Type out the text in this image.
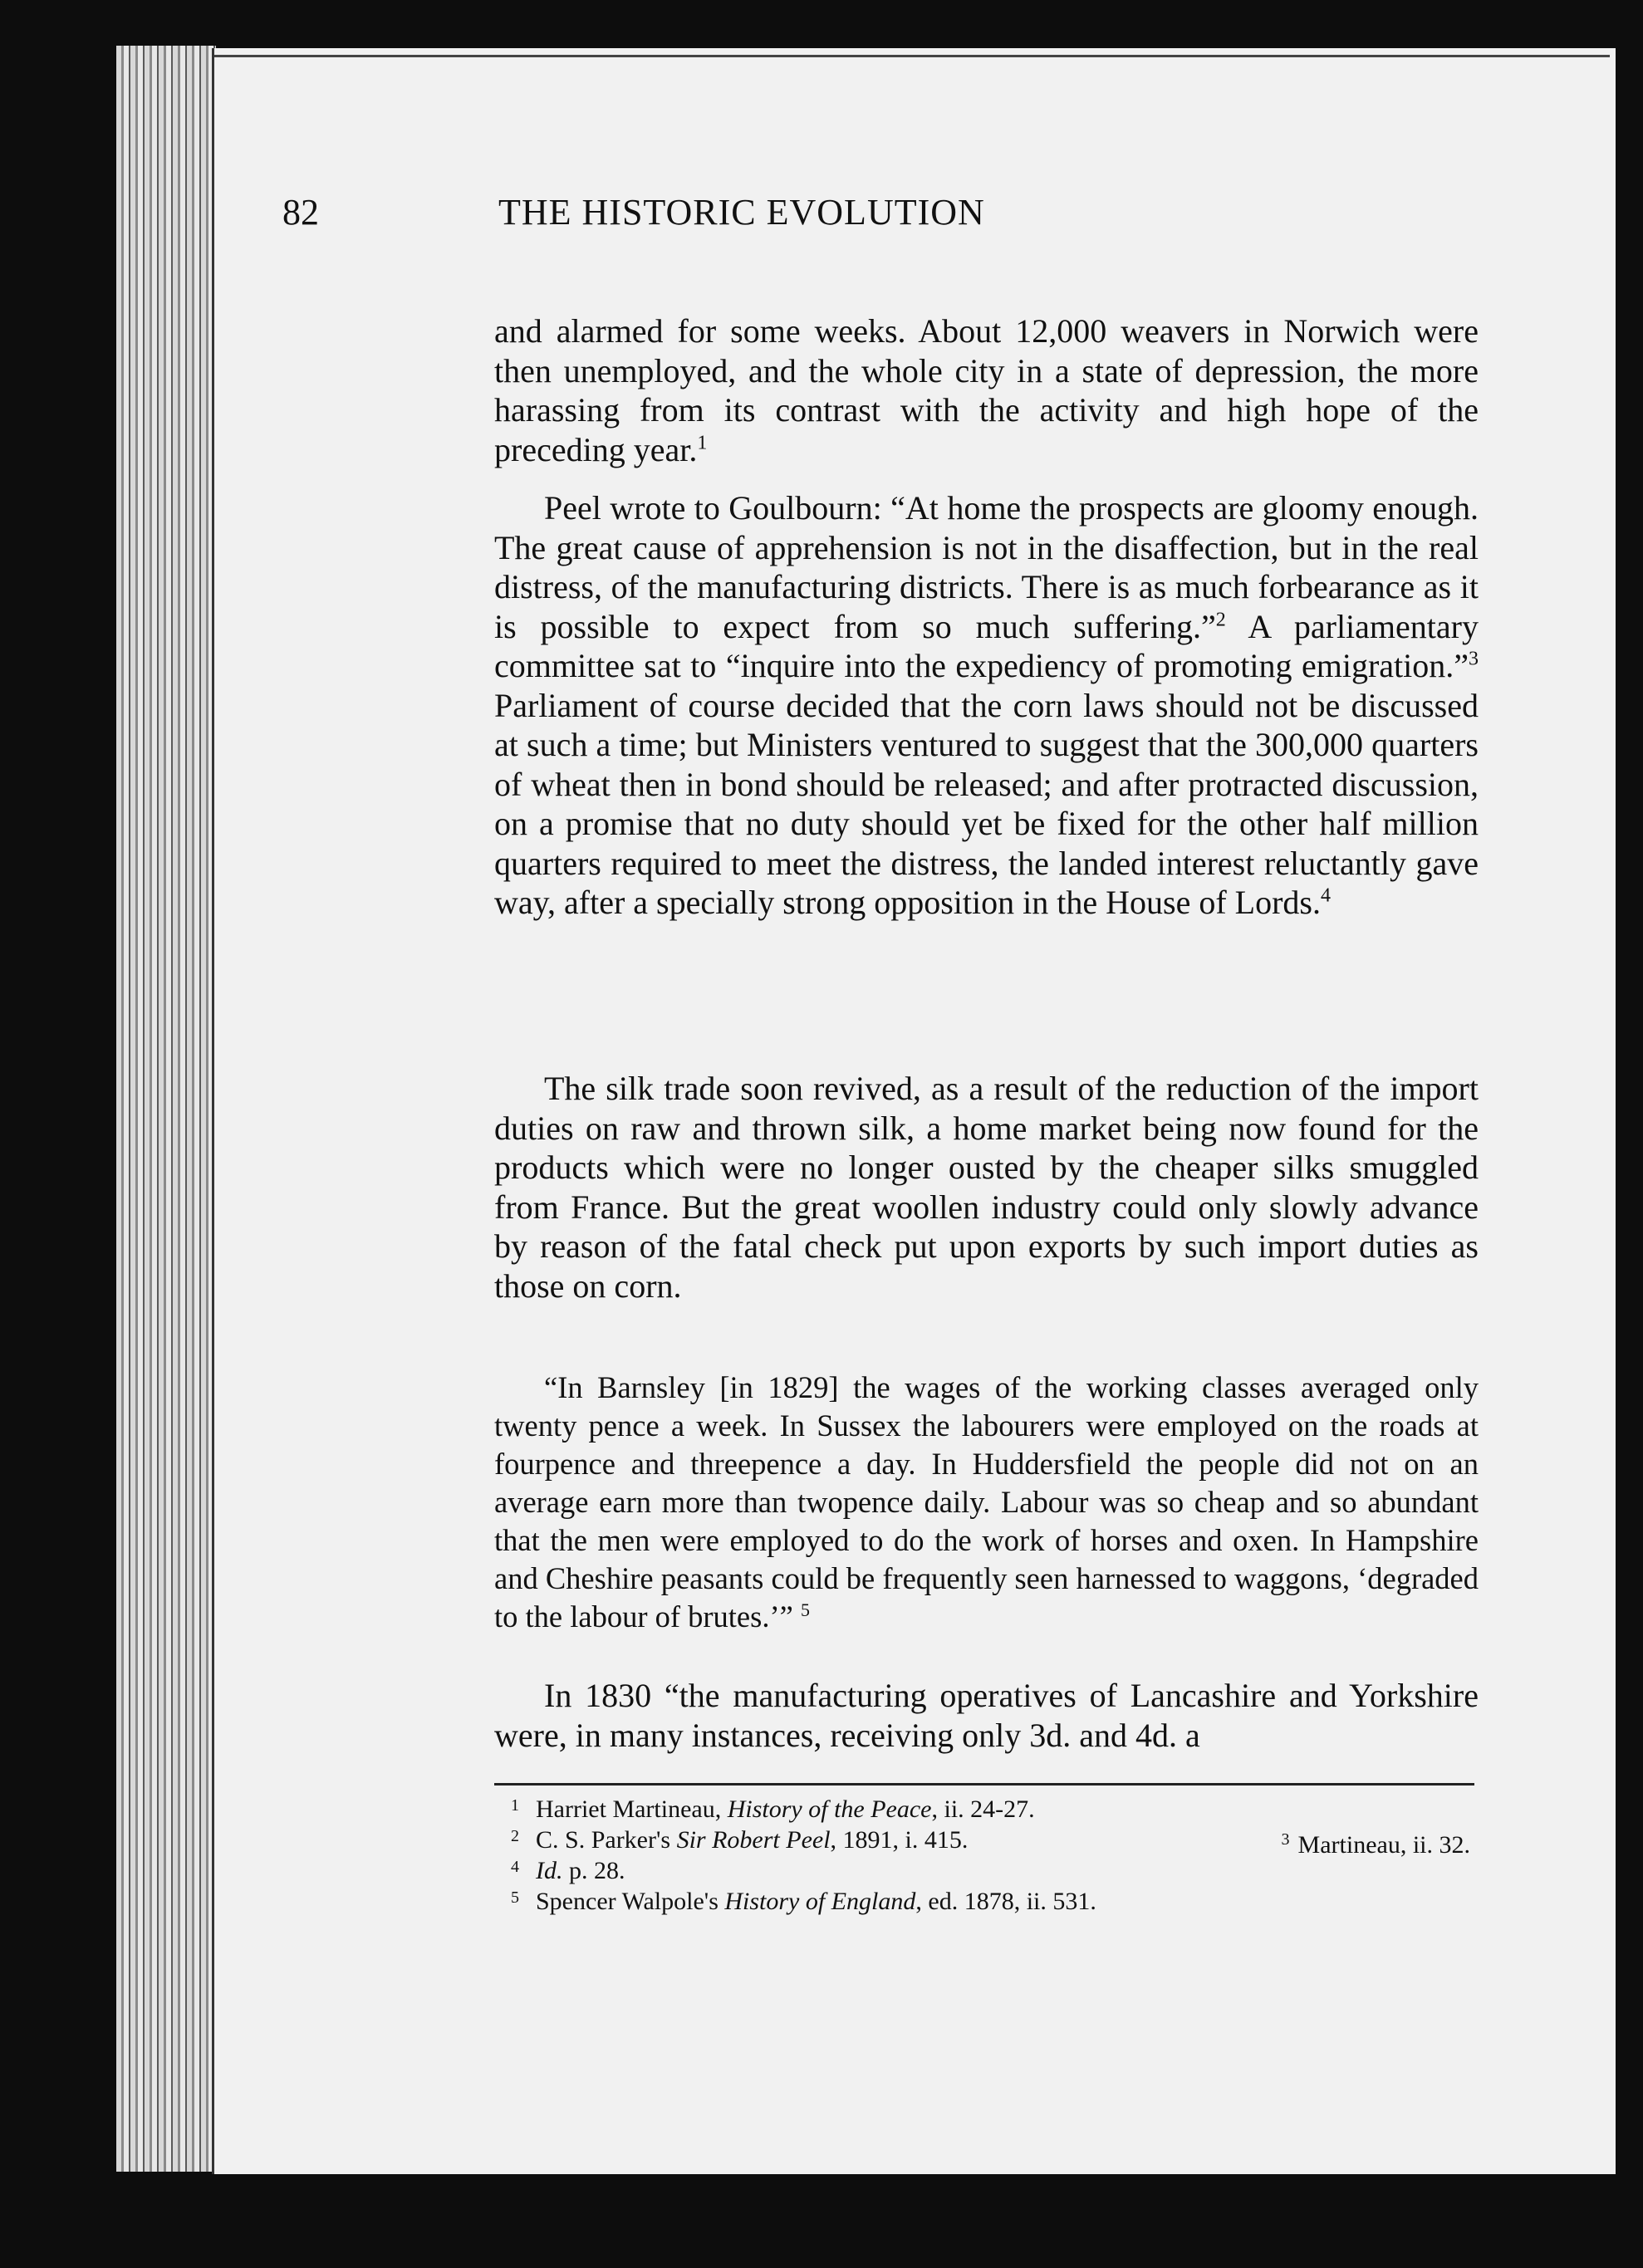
82	THE HISTORIC EVOLUTION

and alarmed for some weeks. About 12,000 weavers in Norwich were then unemployed, and the whole city in a state of depression, the more harassing from its contrast with the activity and high hope of the preceding year.$^1$

Peel wrote to Goulbourn: “At home the prospects are gloomy enough. The great cause of apprehension is not in the disaffection, but in the real distress, of the manufacturing districts. There is as much forbearance as it is possible to expect from so much suffering.”$^2$ A parliamentary committee sat to “inquire into the expediency of promoting emigration.”$^3$ Parliament of course decided that the corn laws should not be discussed at such a time; but Ministers ventured to suggest that the 300,000 quarters of wheat then in bond should be released; and after protracted discussion, on a promise that no duty should yet be fixed for the other half million quarters required to meet the distress, the landed interest reluctantly gave way, after a specially strong opposition in the House of Lords.$^4$

The silk trade soon revived, as a result of the reduction of the import duties on raw and thrown silk, a home market being now found for the products which were no longer ousted by the cheaper silks smuggled from France. But the great woollen industry could only slowly advance by reason of the fatal check put upon exports by such import duties as those on corn.

“In Barnsley [in 1829] the wages of the working classes averaged only twenty pence a week. In Sussex the labourers were employed on the roads at fourpence and threepence a day. In Huddersfield the people did not on an average earn more than twopence daily. Labour was so cheap and so abundant that the men were employed to do the work of horses and oxen. In Hampshire and Cheshire peasants could be frequently seen harnessed to waggons, ‘degraded to the labour of brutes.’” $^5$

In 1830 “the manufacturing operatives of Lancashire and Yorkshire were, in many instances, receiving only 3d. and 4d. a

1 Harriet Martineau, History of the Peace, ii. 24-27.
2 C. S. Parker's Sir Robert Peel, 1891, i. 415.	$^3$ Martineau, ii. 32.
4 Id. p. 28.
5 Spencer Walpole's History of England, ed. 1878, ii. 531.
